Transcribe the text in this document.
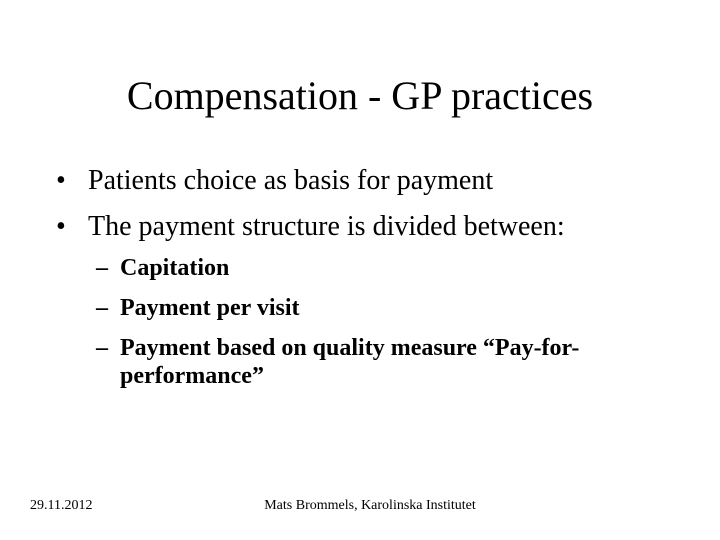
Compensation - GP practices
• Patients choice as basis for payment
• The payment structure is divided between:
– Capitation
– Payment per visit
– Payment based on quality measure “Pay-for-performance”
29.11.2012	Mats Brommels, Karolinska Institutet
